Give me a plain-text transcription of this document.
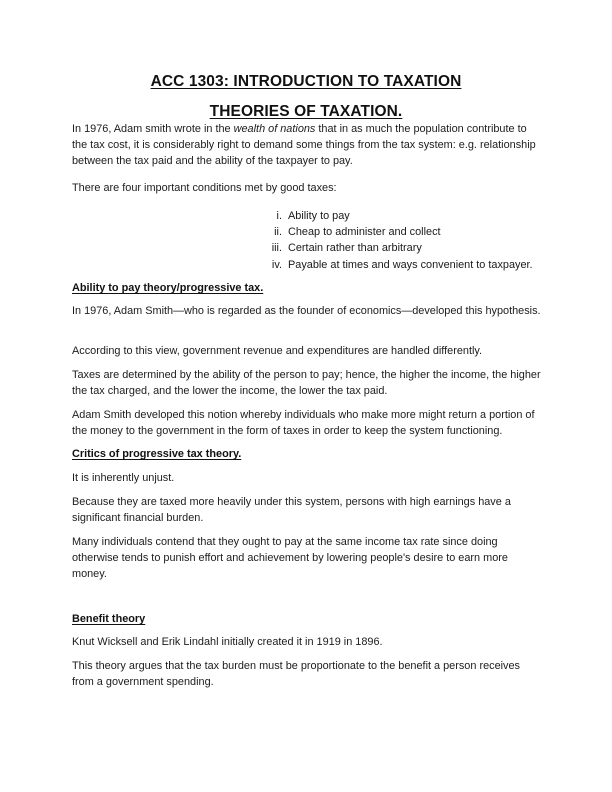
ACC 1303: INTRODUCTION TO TAXATION
THEORIES OF TAXATION.

In 1976, Adam smith wrote in the wealth of nations that in as much the population contribute to the tax cost, it is considerably right to demand some things from the tax system: e.g. relationship between the tax paid and the ability of the taxpayer to pay.

There are four important conditions met by good taxes:

i. Ability to pay
ii. Cheap to administer and collect
iii. Certain rather than arbitrary
iv. Payable at times and ways convenient to taxpayer.
Ability to pay theory/progressive tax.

In 1976, Adam Smith—who is regarded as the founder of economics—developed this hypothesis.

According to this view, government revenue and expenditures are handled differently.

Taxes are determined by the ability of the person to pay; hence, the higher the income, the higher the tax charged, and the lower the income, the lower the tax paid.

Adam Smith developed this notion whereby individuals who make more might return a portion of the money to the government in the form of taxes in order to keep the system functioning.

Critics of progressive tax theory.

It is inherently unjust.

Because they are taxed more heavily under this system, persons with high earnings have a significant financial burden.

Many individuals contend that they ought to pay at the same income tax rate since doing otherwise tends to punish effort and achievement by lowering people's desire to earn more money.

Benefit theory

Knut Wicksell and Erik Lindahl initially created it in 1919 in 1896.

This theory argues that the tax burden must be proportionate to the benefit a person receives from a government spending.
